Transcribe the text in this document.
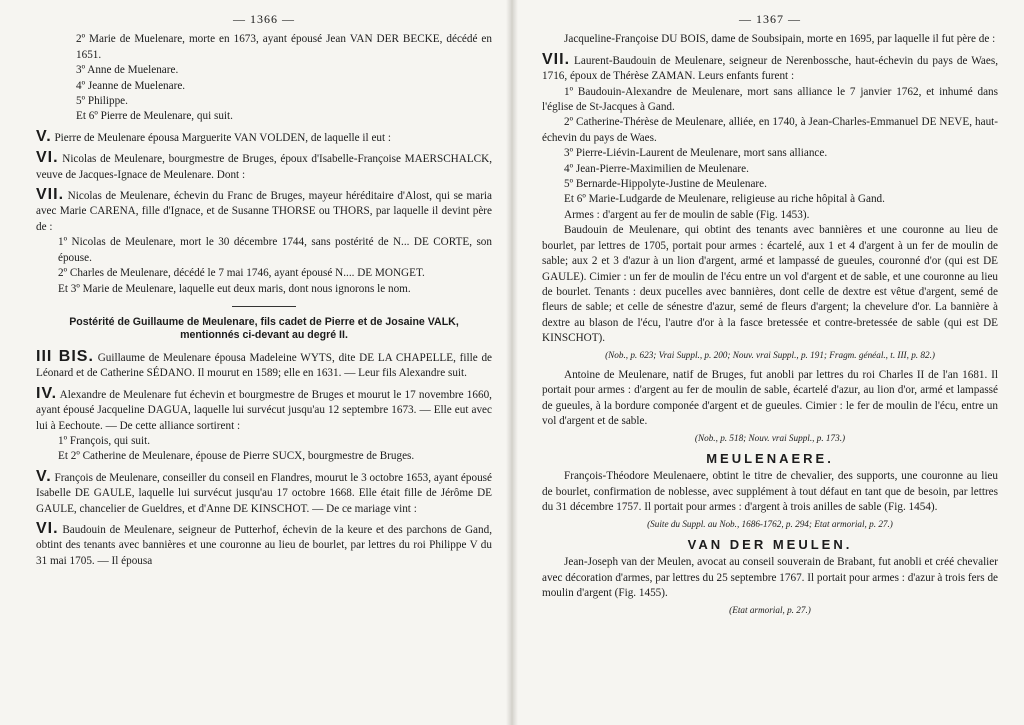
— 1366 —

2º Marie de Muelenare, morte en 1673, ayant épousé Jean VAN DER BECKE, décédé en 1651.

3º Anne de Muelenare.

4º Jeanne de Muelenare.

5º Philippe.

Et 6º Pierre de Meulenare, qui suit.

V. Pierre de Meulenare épousa Marguerite VAN VOLDEN, de laquelle il eut :

VI. Nicolas de Meulenare, bourgmestre de Bruges, époux d'Isabelle-Françoise MAERSCHALCK, veuve de Jacques-Ignace de Meulenare. Dont :

VII. Nicolas de Meulenare, échevin du Franc de Bruges, mayeur héréditaire d'Alost, qui se maria avec Marie CARENA, fille d'Ignace, et de Susanne THORSE ou THORS, par laquelle il devint père de :

1º Nicolas de Meulenare, mort le 30 décembre 1744, sans postérité de N... DE CORTE, son épouse.

2º Charles de Meulenare, décédé le 7 mai 1746, ayant épousé N.... DE MONGET.

Et 3º Marie de Meulenare, laquelle eut deux maris, dont nous ignorons le nom.

Postérité de Guillaume de Meulenare, fils cadet de Pierre et de Josaine VALK, mentionnés ci-devant au degré II.

III BIS. Guillaume de Meulenare épousa Madeleine WYTS, dite DE LA CHAPELLE, fille de Léonard et de Catherine SÉDANO. Il mourut en 1589; elle en 1631. — Leur fils Alexandre suit.

IV. Alexandre de Meulenare fut échevin et bourgmestre de Bruges et mourut le 17 novembre 1660, ayant épousé Jacqueline DAGUA, laquelle lui survécut jusqu'au 12 septembre 1673. — Elle eut avec lui à Eechoute. — De cette alliance sortirent :

1º François, qui suit.

Et 2º Catherine de Meulenare, épouse de Pierre SUCX, bourgmestre de Bruges.

V. François de Meulenare, conseiller du conseil en Flandres, mourut le 3 octobre 1653, ayant épousé Isabelle DE GAULE, laquelle lui survécut jusqu'au 17 octobre 1668. Elle était fille de Jérôme DE GAULE, chancelier de Gueldres, et d'Anne DE KINSCHOT. — De ce mariage vint :

VI. Baudouin de Meulenare, seigneur de Putterhof, échevin de la keure et des parchons de Gand, obtint des tenants avec bannières et une couronne au lieu de bourlet, par lettres du roi Philippe V du 31 mai 1705. — Il épousa

— 1367 —

Jacqueline-Françoise DU BOIS, dame de Soubsipain, morte en 1695, par laquelle il fut père de :

VII. Laurent-Baudouin de Meulenare, seigneur de Nerenbossche, haut-échevin du pays de Waes, 1716, époux de Thérèse ZAMAN. Leurs enfants furent :

1º Baudouin-Alexandre de Meulenare, mort sans alliance le 7 janvier 1762, et inhumé dans l'église de St-Jacques à Gand.

2º Catherine-Thérèse de Meulenare, alliée, en 1740, à Jean-Charles-Emmanuel DE NEVE, haut-échevin du pays de Waes.

3º Pierre-Liévin-Laurent de Meulenare, mort sans alliance.

4º Jean-Pierre-Maximilien de Meulenare.

5º Bernarde-Hippolyte-Justine de Meulenare.

Et 6º Marie-Ludgarde de Meulenare, religieuse au riche hôpital à Gand.

Armes : d'argent au fer de moulin de sable (Fig. 1453).

Baudouin de Meulenare, qui obtint des tenants avec bannières et une couronne au lieu de bourlet, par lettres de 1705, portait pour armes : écartelé, aux 1 et 4 d'argent à un fer de moulin de sable; aux 2 et 3 d'azur à un lion d'argent, armé et lampassé de gueules, couronné d'or (qui est DE GAULE). Cimier : un fer de moulin de l'écu entre un vol d'argent et de sable, et une couronne au lieu de bourlet. Tenants : deux pucelles avec bannières, dont celle de dextre est vêtue d'argent, semé de fleurs de sable; et celle de sénestre d'azur, semé de fleurs d'argent; la chevelure d'or. La bannière à dextre au blason de l'écu, l'autre d'or à la fasce bretessée et contre-bretessée de sable (qui est DE KINSCHOT).

(Nob., p. 623; Vrai Suppl., p. 200; Nouv. vrai Suppl., p. 191; Fragm. généal., t. III, p. 82.)

Antoine de Meulenare, natif de Bruges, fut anobli par lettres du roi Charles II de l'an 1681. Il portait pour armes : d'argent au fer de moulin de sable, écartelé d'azur, au lion d'or, armé et lampassé de gueules, à la bordure componée d'argent et de gueules. Cimier : le fer de moulin de l'écu, entre un vol d'argent et de sable.

(Nob., p. 518; Nouv. vrai Suppl., p. 173.)
MEULENAERE.

François-Théodore Meulenaere, obtint le titre de chevalier, des supports, une couronne au lieu de bourlet, confirmation de noblesse, avec supplément à tout défaut en tant que de besoin, par lettres du 31 décembre 1757. Il portait pour armes : d'argent à trois anilles de sable (Fig. 1454).

(Suite du Suppl. au Nob., 1686-1762, p. 294; Etat armorial, p. 27.)
VAN DER MEULEN.

Jean-Joseph van der Meulen, avocat au conseil souverain de Brabant, fut anobli et créé chevalier avec décoration d'armes, par lettres du 25 septembre 1767. Il portait pour armes : d'azur à trois fers de moulin d'argent (Fig. 1455).

(Etat armorial, p. 27.)
